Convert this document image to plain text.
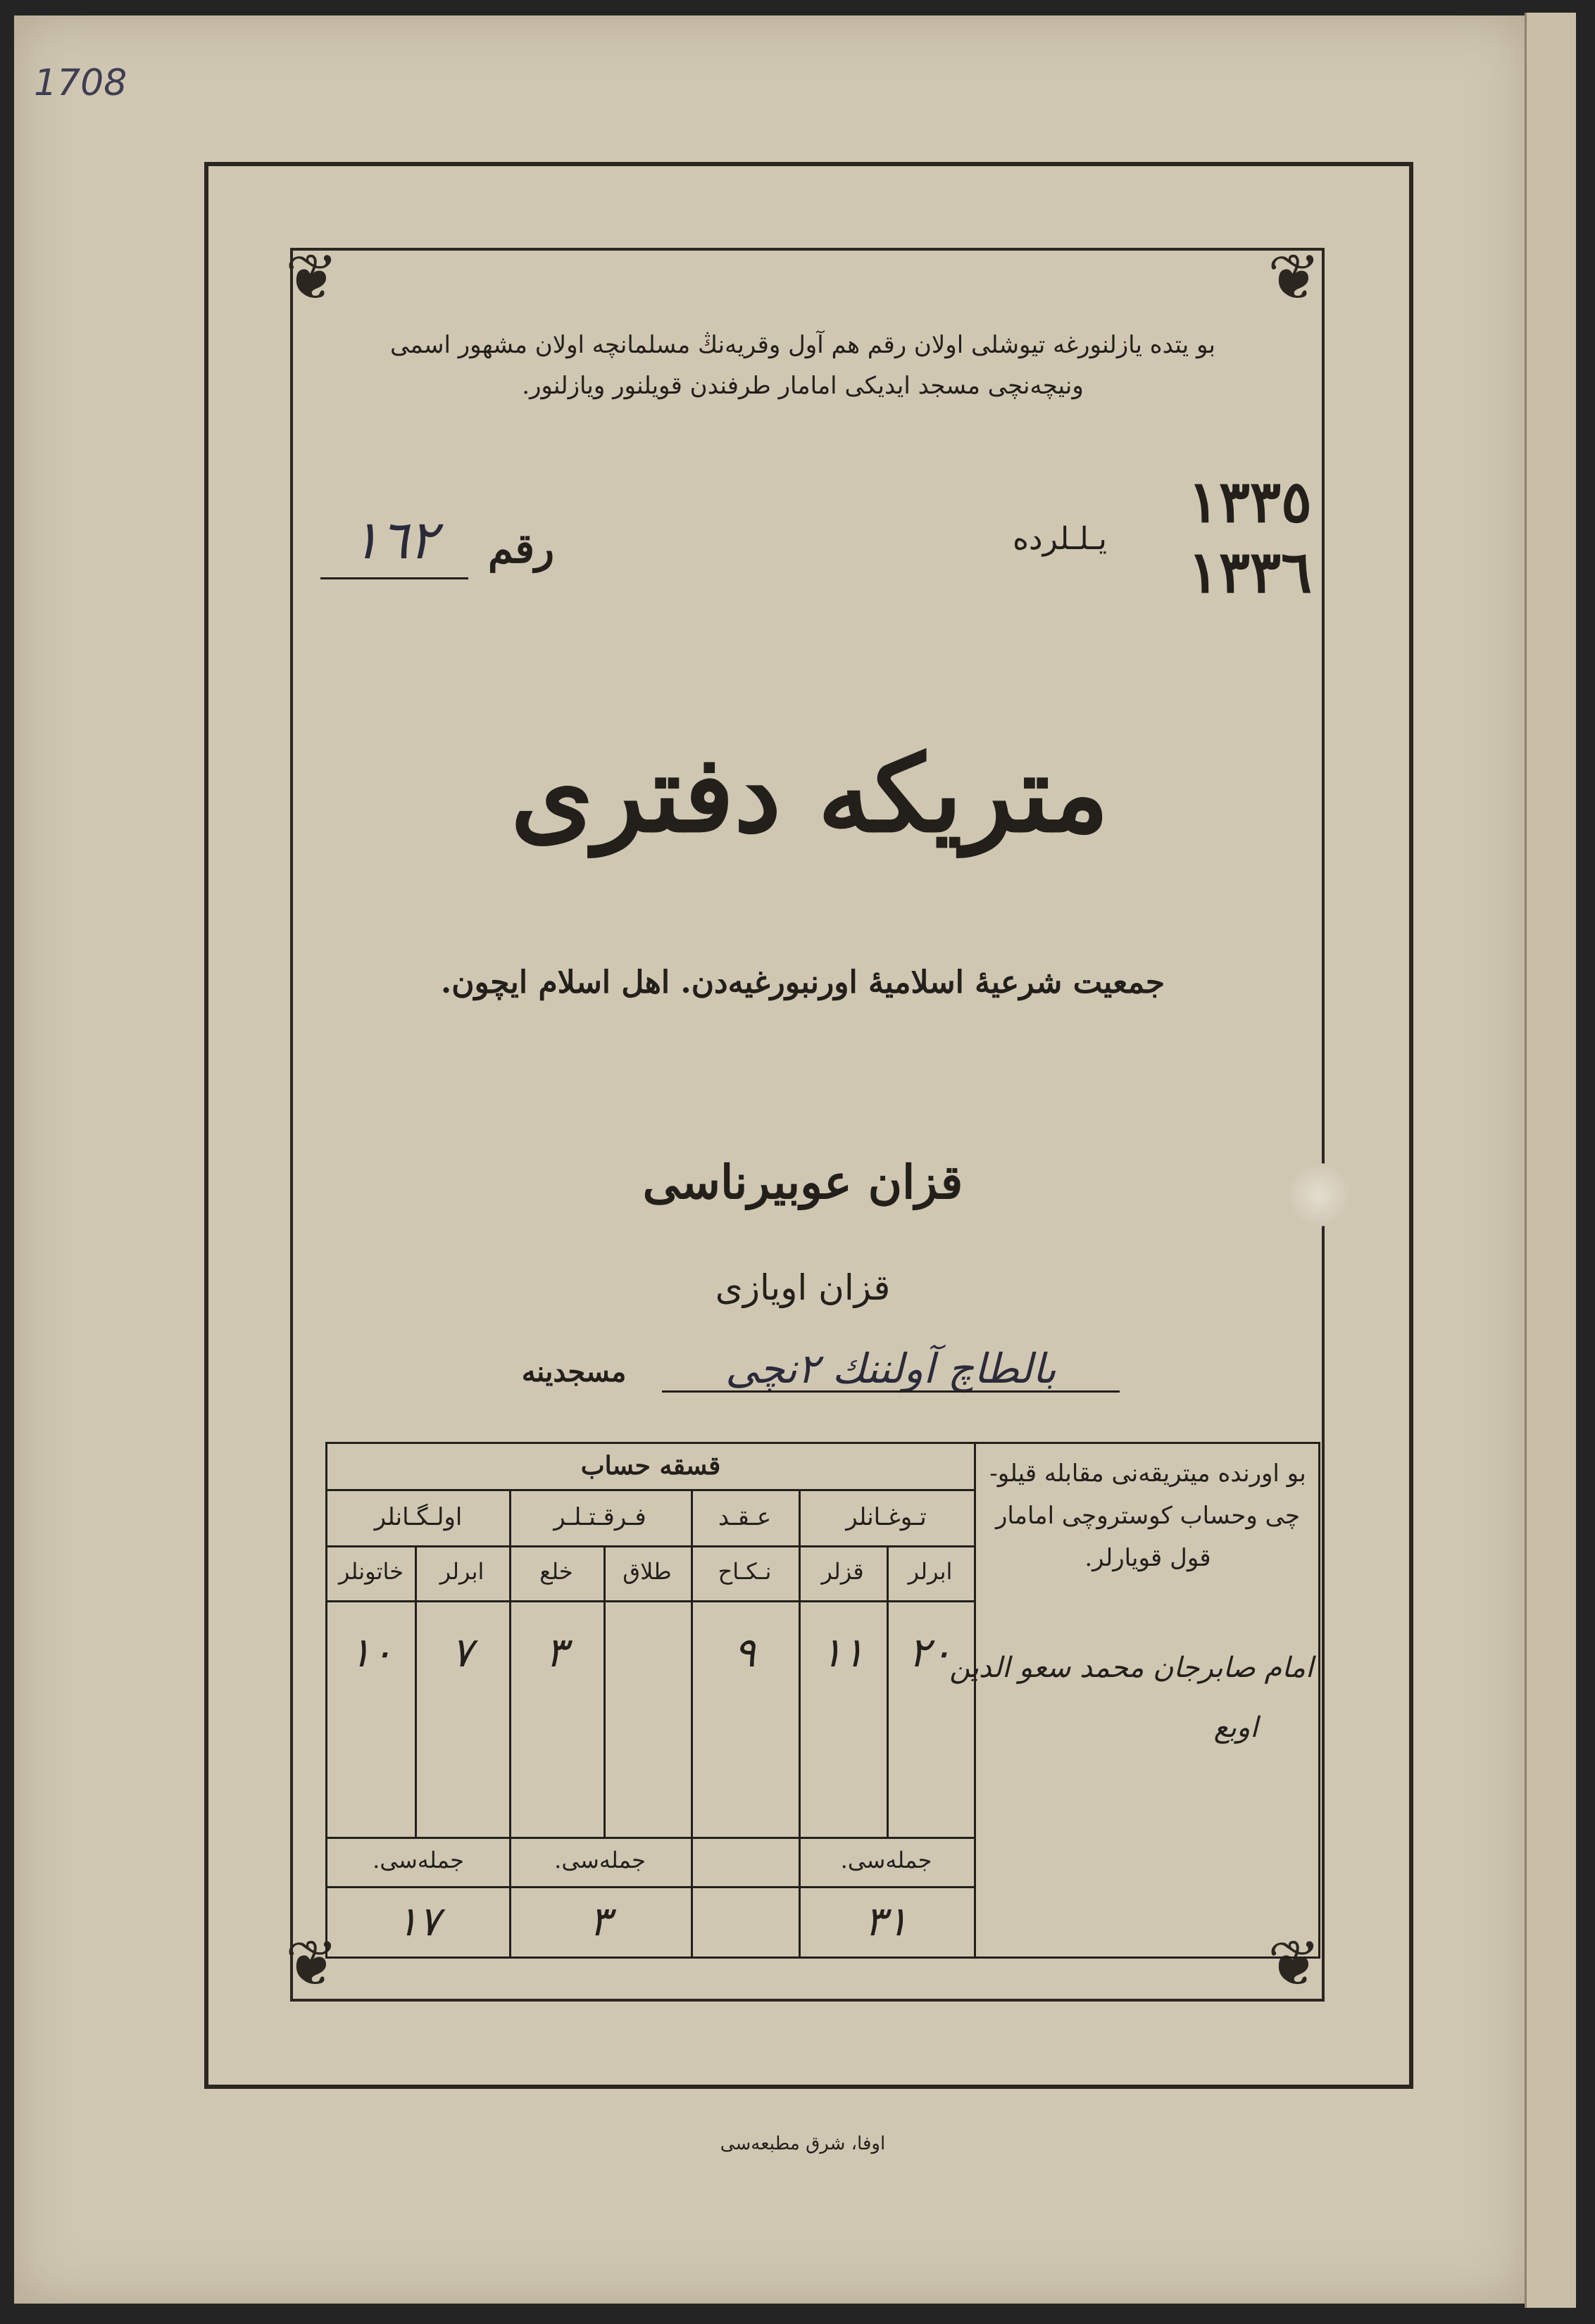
1708
❦	❦
❦	❦
بو يتده يازلنورغه تيوشلى اولان رقم هم آول وقريەنڭ مسلمانچه اولان مشهور اسمى
ونيچەنچى مسجد ايديكى امامار طرفندن قويلنور ويازلنور.
١٣٣٥
١٣٣٦
يـلـلرده
رقم
١٦٢
متريكه دفترى
جمعيت شرعيهٔ اسلاميهٔ اورنبورغيه‌دن. اهل اسلام ايچون.
قزان عوبيرناسى
قزان اويازى
بالطاچ آولننك ٢نچى
مسجدينه
قسقه حساب
تـوغـانلر
عـقـد
فـرقـتـلـر
اولـگـانلر
ابرلر
قزلر
نـكـاح
طلاق
خلع
ابرلر
خاتونلر
٢٠
١١
٩
٣
٧
١٠
جمله‌سى.
جمله‌سى.
جمله‌سى.
٣١
٣
١٧
بو اورنده ميتريقه‌نى مقابله قيلو-
چى وحساب كوستروچى امامار
قول قويارلر.
امام صابرجان محمد سعو الدين
اوبع
اوفا، شرق مطبعه‌سى
